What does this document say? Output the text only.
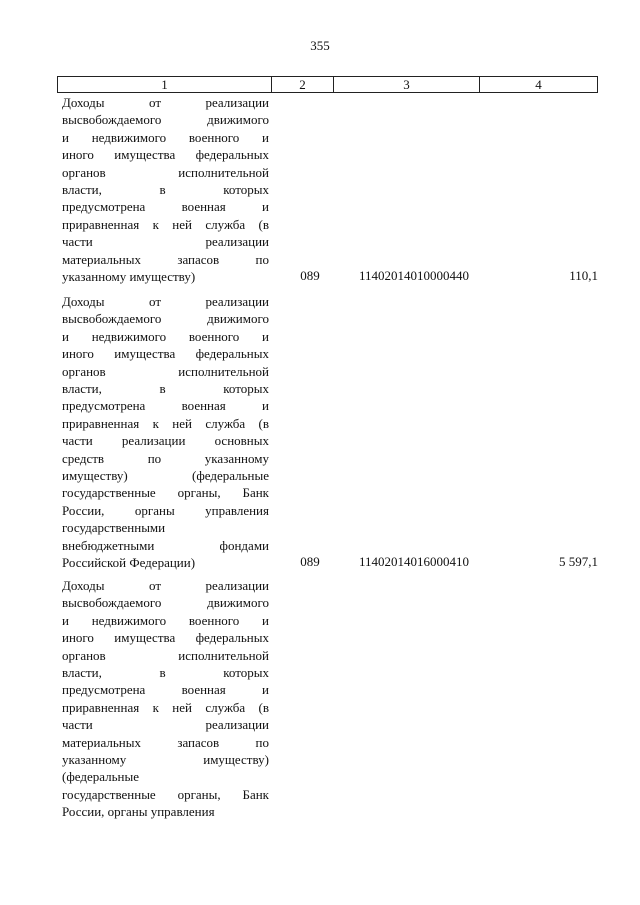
355
1	2	3	4
Доходы от реализации
высвобождаемого движимого
и недвижимого военного и
иного имущества федеральных
органов исполнительной
власти, в которых
предусмотрена военная и
приравненная к ней служба (в
части реализации
материальных запасов по
указанному имуществу)	089	11402014010000440	110,1
Доходы от реализации
высвобождаемого движимого
и недвижимого военного и
иного имущества федеральных
органов исполнительной
власти, в которых
предусмотрена военная и
приравненная к ней служба (в
части реализации основных
средств по указанному
имуществу) (федеральные
государственные органы, Банк
России, органы управления
государственными
внебюджетными фондами
Российской Федерации)	089	11402014016000410	5 597,1
Доходы от реализации
высвобождаемого движимого
и недвижимого военного и
иного имущества федеральных
органов исполнительной
власти, в которых
предусмотрена военная и
приравненная к ней служба (в
части реализации
материальных запасов по
указанному имуществу)
(федеральные
государственные органы, Банк
России, органы управления
